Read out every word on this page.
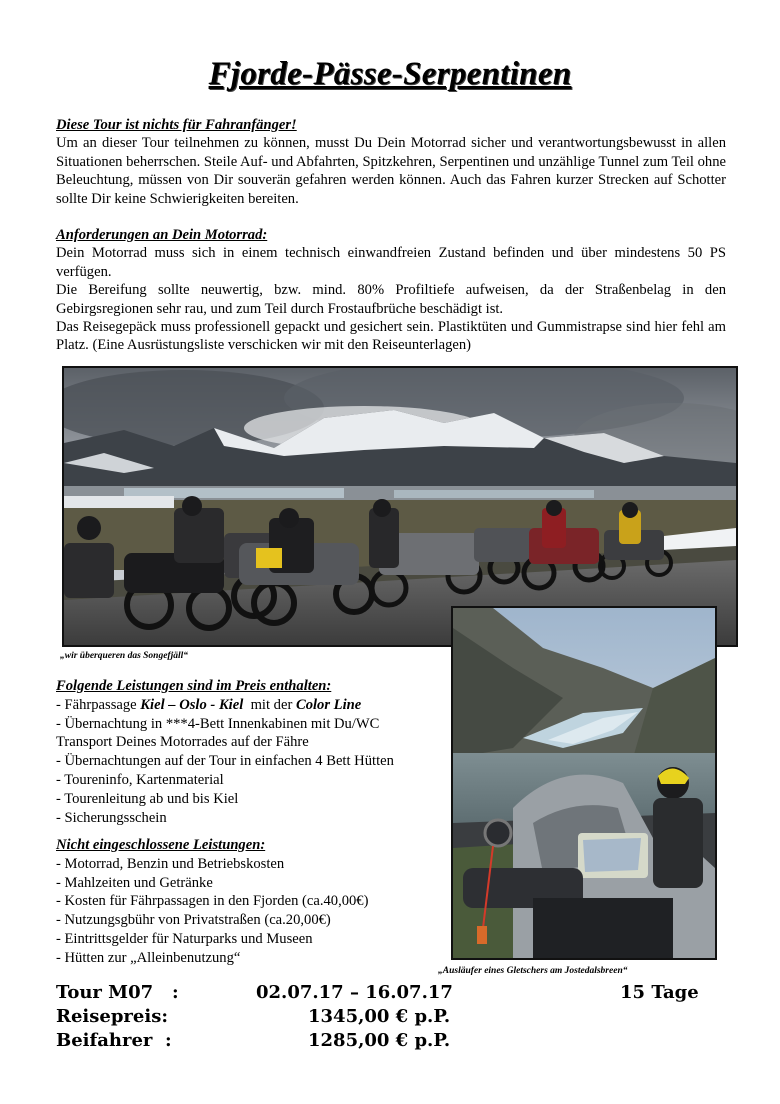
Fjorde-Pässe-Serpentinen
Diese Tour ist nichts für Fahranfänger!
Um an dieser Tour teilnehmen zu können, musst Du Dein Motorrad sicher und verantwortungsbewusst in allen Situationen beherrschen. Steile Auf- und Abfahrten, Spitzkehren, Serpentinen und unzählige Tunnel zum Teil ohne Beleuchtung, müssen von Dir souverän gefahren werden können. Auch das Fahren kurzer Strecken auf Schotter sollte Dir keine Schwierigkeiten bereiten.
Anforderungen an Dein Motorrad:
Dein Motorrad muss sich in einem technisch einwandfreien Zustand befinden und über mindestens 50 PS verfügen.
Die Bereifung sollte neuwertig, bzw. mind. 80% Profiltiefe aufweisen, da der Straßenbelag in den Gebirgsregionen sehr rau, und zum Teil durch Frostaufbrüche beschädigt ist.
Das Reisegepäck muss professionell gepackt und gesichert sein. Plastiktüten und Gummistrapse sind hier fehl am Platz. (Eine Ausrüstungsliste verschicken wir mit den Reiseunterlagen)
„wir überqueren das Songefjäll“
„Ausläufer eines Gletschers am Jostedalsbreen“
Folgende Leistungen sind im Preis enthalten:
- Fährpassage Kiel – Oslo - Kiel  mit der Color Line
- Übernachtung in ***4-Bett Innenkabinen mit Du/WC
Transport Deines Motorrades auf der Fähre
- Übernachtungen auf der Tour in einfachen 4 Bett Hütten
- Toureninfo, Kartenmaterial
- Tourenleitung ab und bis Kiel
- Sicherungsschein
Nicht eingeschlossene Leistungen:
- Motorrad, Benzin und Betriebskosten
- Mahlzeiten und Getränke
- Kosten für Fährpassagen in den Fjorden (ca.40,00€)
- Nutzungsgbühr von Privatstraßen (ca.20,00€)
- Eintrittsgelder für Naturparks und Museen
- Hütten zur „Alleinbenutzung“
Tour M07   :	02.07.17 – 16.07.17	15 Tage
Reisepreis:	1345,00 € p.P.
Beifahrer  :	1285,00 € p.P.
